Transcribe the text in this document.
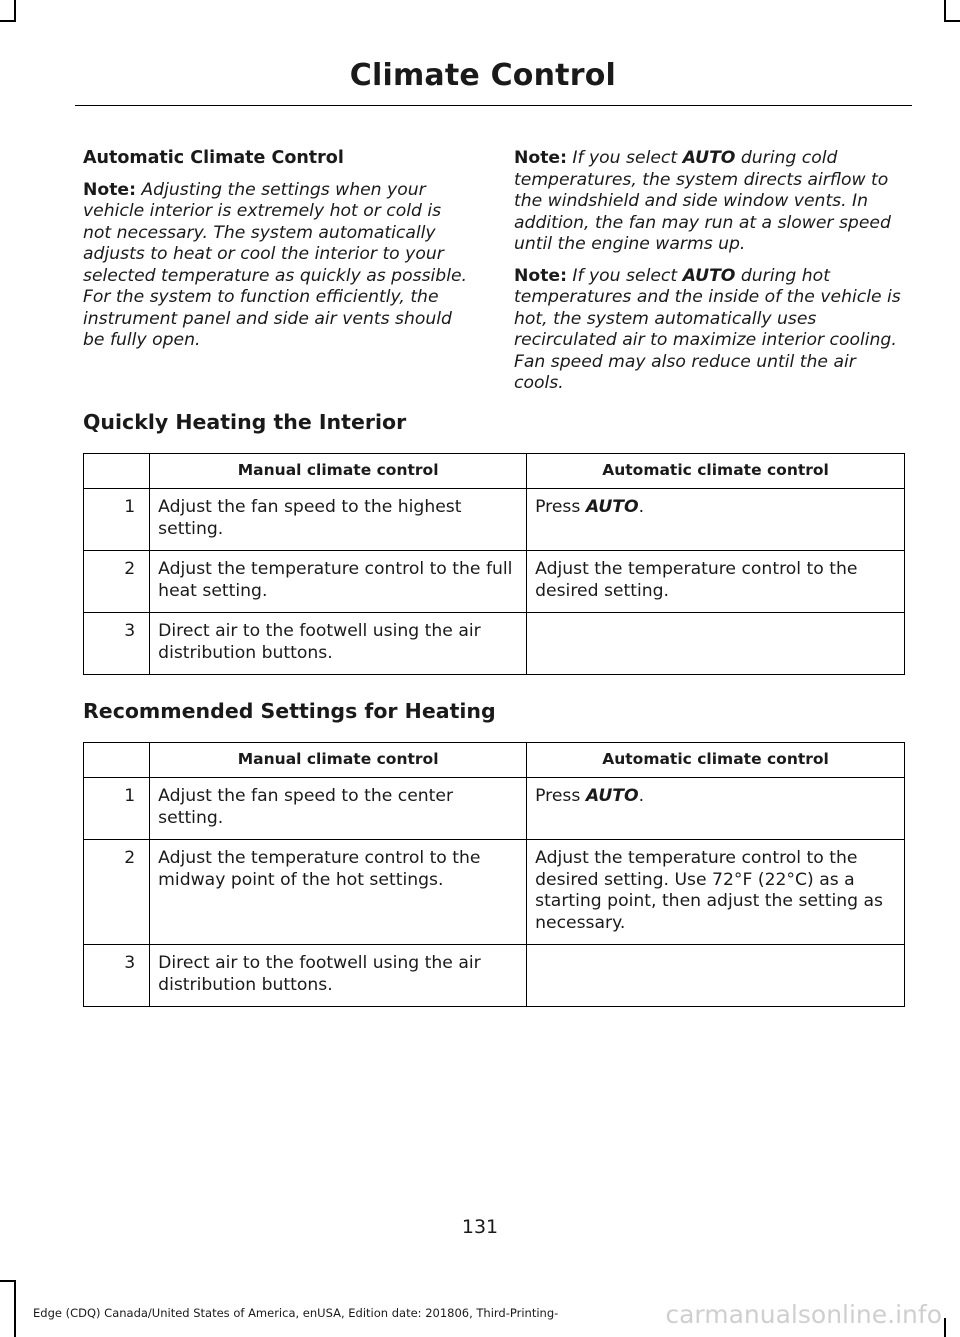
Climate Control

Automatic Climate Control

Note: Adjusting the settings when your vehicle interior is extremely hot or cold is not necessary. The system automatically adjusts to heat or cool the interior to your selected temperature as quickly as possible. For the system to function efficiently, the instrument panel and side air vents should be fully open.

Note: If you select AUTO during cold temperatures, the system directs airflow to the windshield and side window vents. In addition, the fan may run at a slower speed until the engine warms up.

Note: If you select AUTO during hot temperatures and the inside of the vehicle is hot, the system automatically uses recirculated air to maximize interior cooling. Fan speed may also reduce until the air cools.

Quickly Heating the Interior
	Manual climate control	Automatic climate control
1	Adjust the fan speed to the highest setting.	Press AUTO.
2	Adjust the temperature control to the full heat setting.	Adjust the temperature control to the desired setting.
3	Direct air to the footwell using the air distribution buttons.	
Recommended Settings for Heating
	Manual climate control	Automatic climate control
1	Adjust the fan speed to the center setting.	Press AUTO.
2	Adjust the temperature control to the midway point of the hot settings.	Adjust the temperature control to the desired setting. Use 72°F (22°C) as a starting point, then adjust the setting as necessary.
3	Direct air to the footwell using the air distribution buttons.	
131
Edge (CDQ) Canada/United States of America, enUSA, Edition date: 201806, Third-Printing-	carmanualsonline.info
